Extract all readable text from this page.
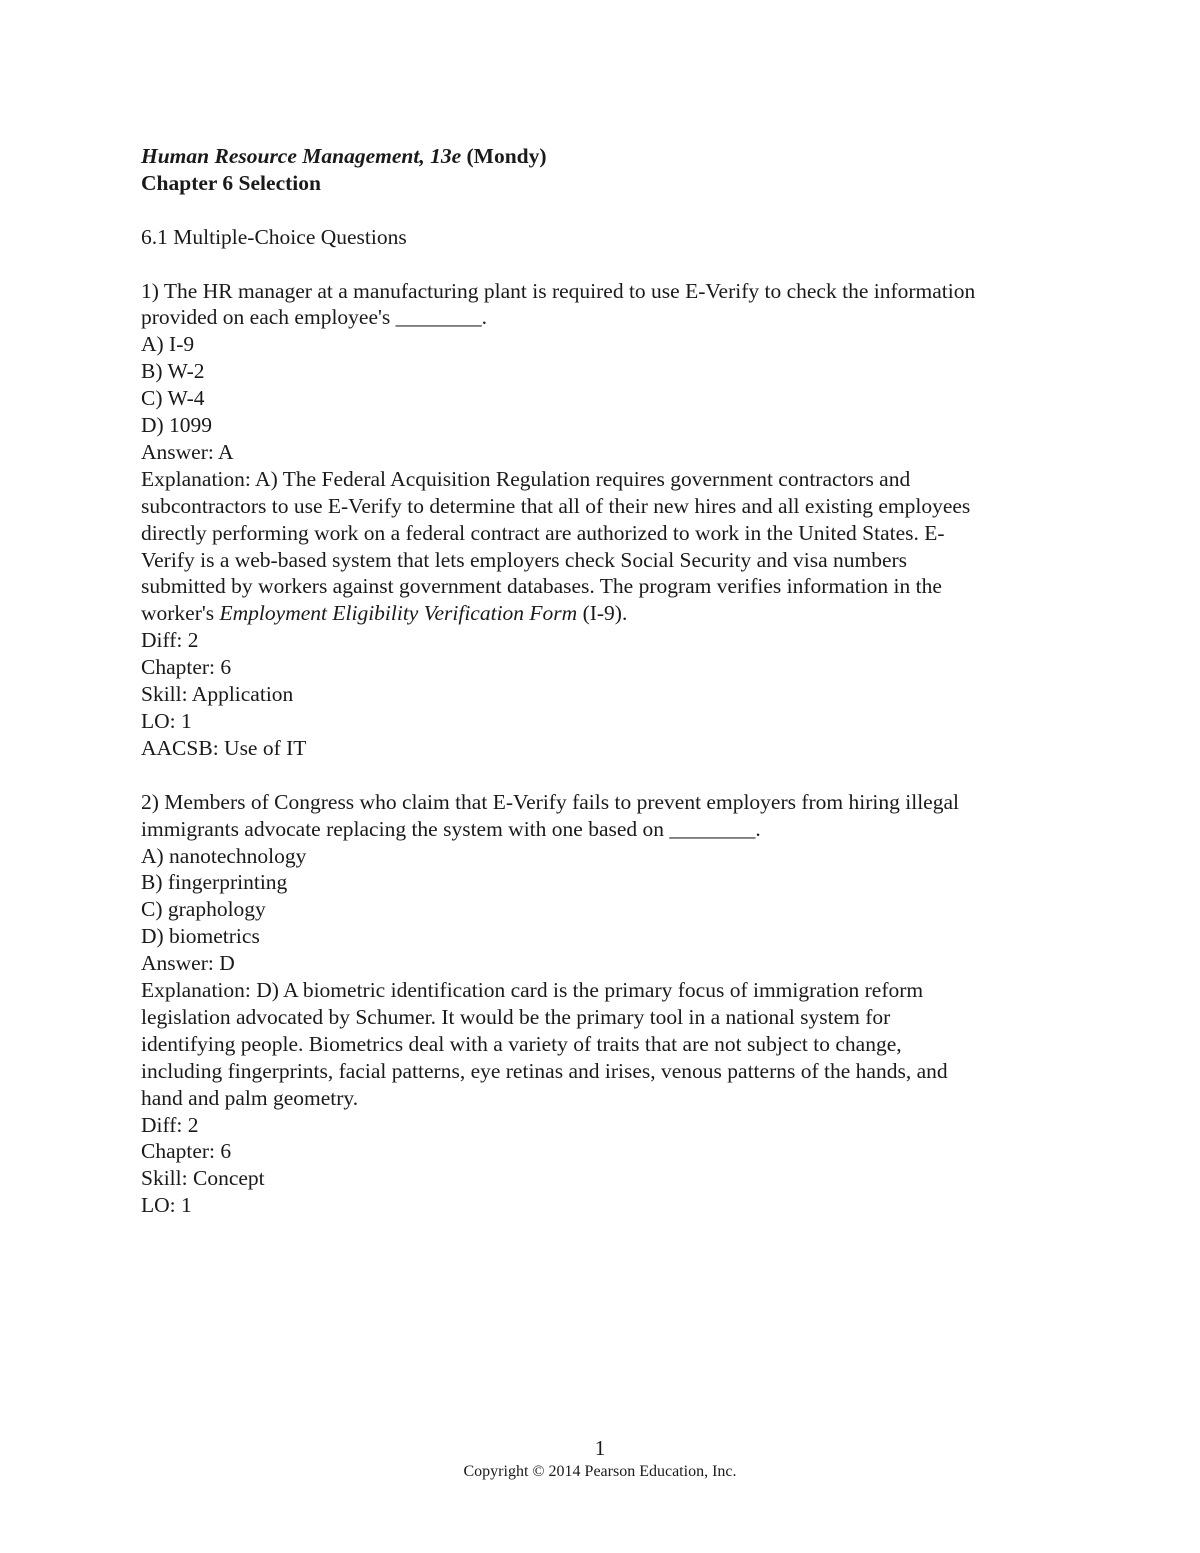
Human Resource Management, 13e (Mondy)
Chapter 6 Selection
6.1 Multiple-Choice Questions
1) The HR manager at a manufacturing plant is required to use E-Verify to check the information
provided on each employee's ________.
A) I-9
B) W-2
C) W-4
D) 1099
Answer: A
Explanation: A) The Federal Acquisition Regulation requires government contractors and
subcontractors to use E-Verify to determine that all of their new hires and all existing employees
directly performing work on a federal contract are authorized to work in the United States. E-
Verify is a web-based system that lets employers check Social Security and visa numbers
submitted by workers against government databases. The program verifies information in the
worker's Employment Eligibility Verification Form (I-9).
Diff: 2
Chapter: 6
Skill: Application
LO: 1
AACSB: Use of IT
2) Members of Congress who claim that E-Verify fails to prevent employers from hiring illegal
immigrants advocate replacing the system with one based on ________.
A) nanotechnology
B) fingerprinting
C) graphology
D) biometrics
Answer: D
Explanation: D) A biometric identification card is the primary focus of immigration reform
legislation advocated by Schumer. It would be the primary tool in a national system for
identifying people. Biometrics deal with a variety of traits that are not subject to change,
including fingerprints, facial patterns, eye retinas and irises, venous patterns of the hands, and
hand and palm geometry.
Diff: 2
Chapter: 6
Skill: Concept
LO: 1
1
Copyright © 2014 Pearson Education, Inc.
